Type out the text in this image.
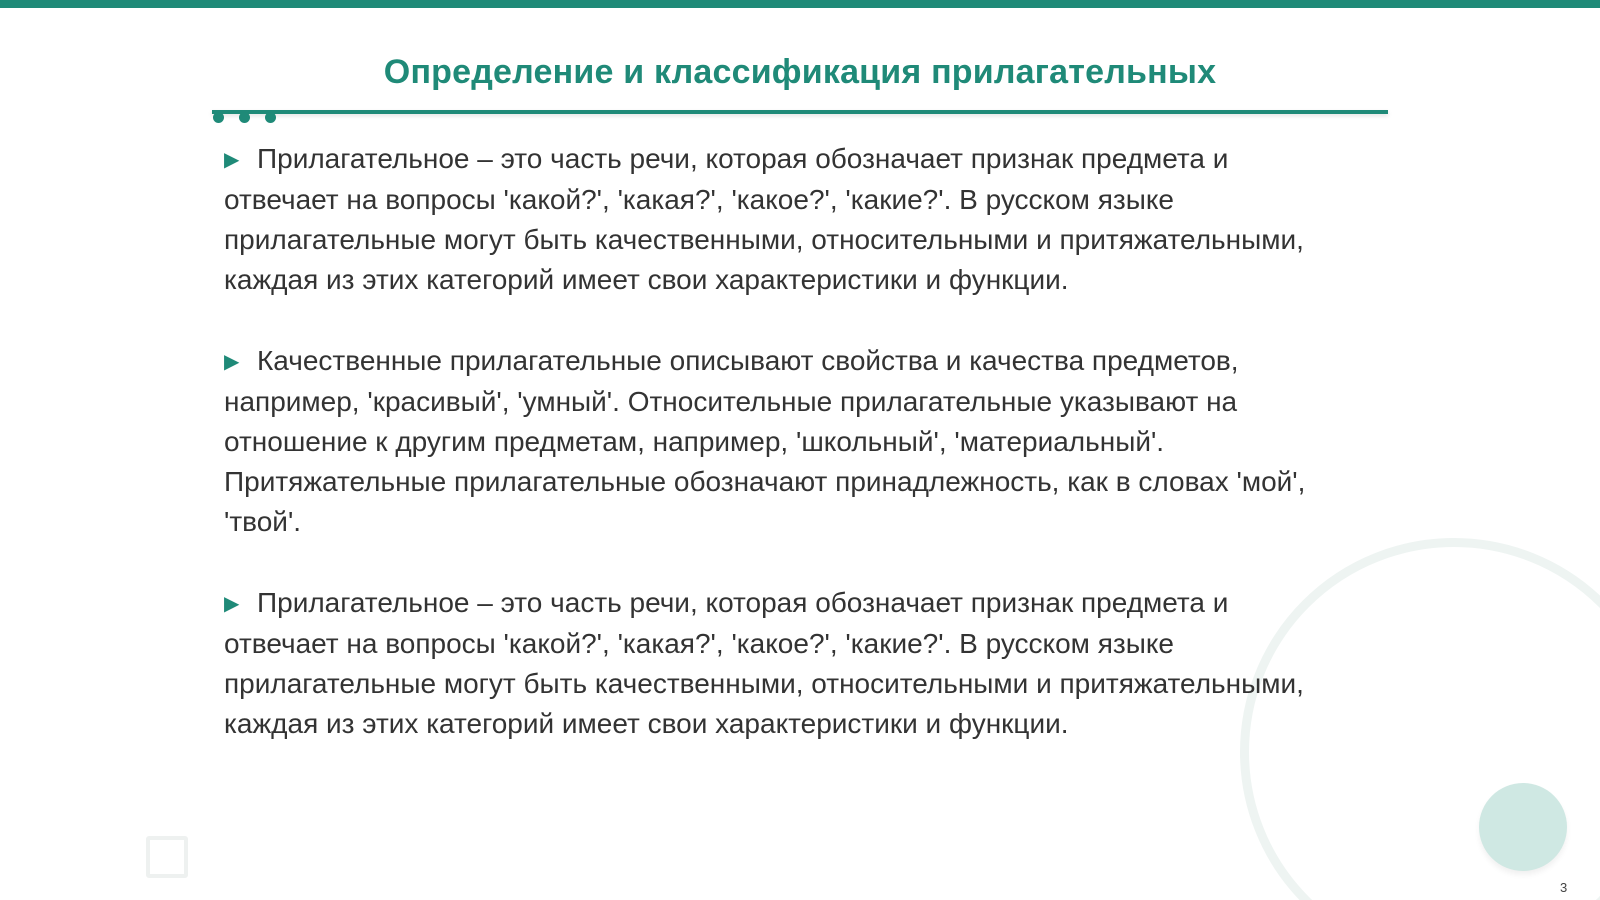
Определение и классификация прилагательных

▶ Прилагательное – это часть речи, которая обозначает признак предмета и отвечает на вопросы 'какой?', 'какая?', 'какое?', 'какие?'. В русском языке прилагательные могут быть качественными, относительными и притяжательными, каждая из этих категорий имеет свои характеристики и функции.

▶ Качественные прилагательные описывают свойства и качества предметов, например, 'красивый', 'умный'. Относительные прилагательные указывают на отношение к другим предметам, например, 'школьный', 'материальный'. Притяжательные прилагательные обозначают принадлежность, как в словах 'мой', 'твой'.

▶ Прилагательное – это часть речи, которая обозначает признак предмета и отвечает на вопросы 'какой?', 'какая?', 'какое?', 'какие?'. В русском языке прилагательные могут быть качественными, относительными и притяжательными, каждая из этих категорий имеет свои характеристики и функции.

3
